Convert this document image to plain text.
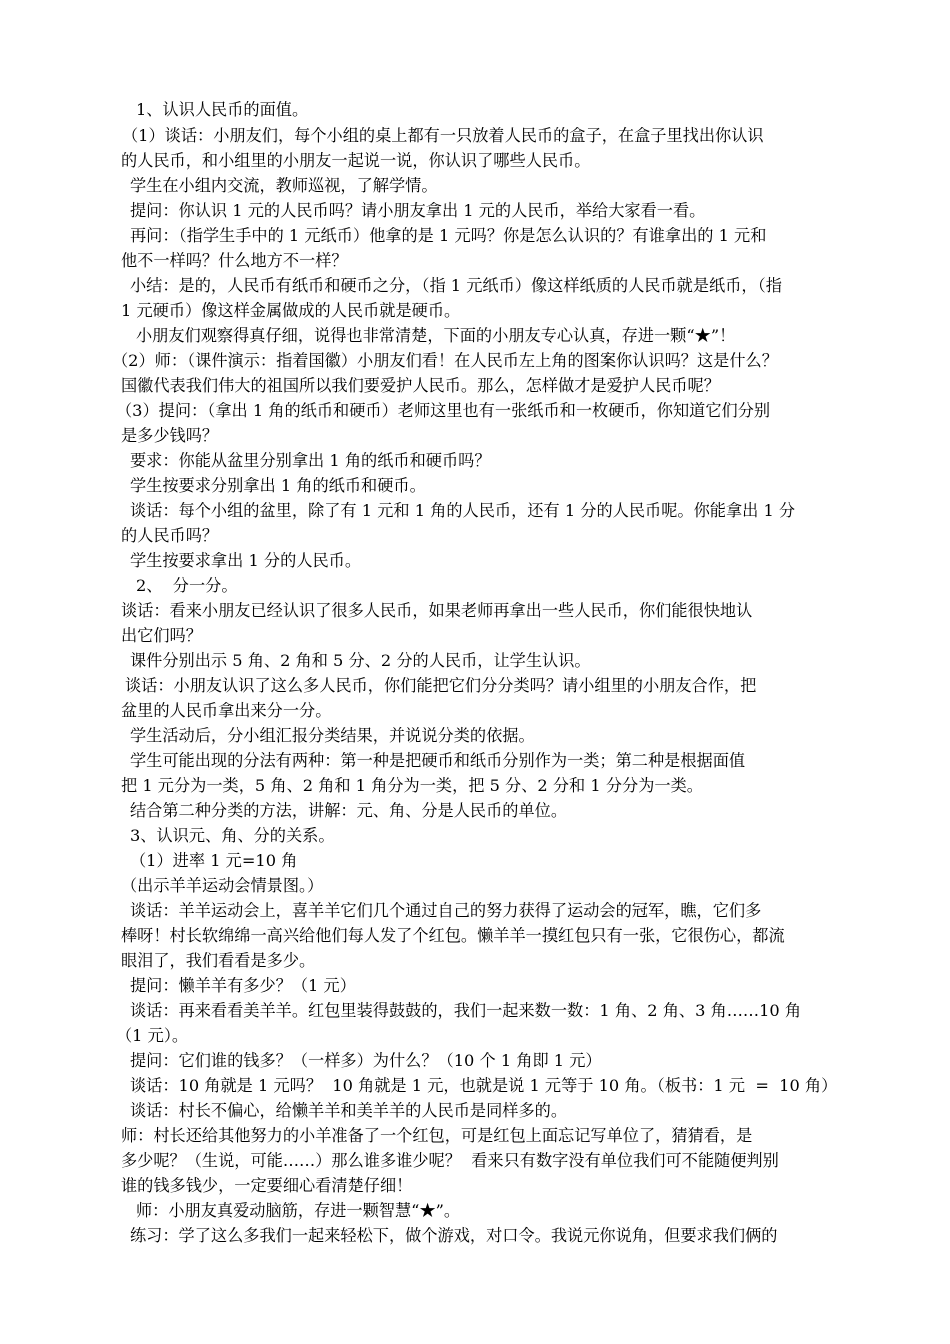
1、认识人民币的面值。
（1）谈话：小朋友们，每个小组的桌上都有一只放着人民币的盒子，在盒子里找出你认识
的人民币，和小组里的小朋友一起说一说，你认识了哪些人民币。
学生在小组内交流，教师巡视，了解学情。
提问：你认识 1 元的人民币吗？请小朋友拿出 1 元的人民币，举给大家看一看。
再问：（指学生手中的 1 元纸币）他拿的是 1 元吗？你是怎么认识的？有谁拿出的 1 元和
他不一样吗？什么地方不一样？
小结：是的，人民币有纸币和硬币之分，（指 1 元纸币）像这样纸质的人民币就是纸币，（指
1 元硬币）像这样金属做成的人民币就是硬币。
小朋友们观察得真仔细，说得也非常清楚，下面的小朋友专心认真，存进一颗“★”！
（2）师：（课件演示：指着国徽）小朋友们看！在人民币左上角的图案你认识吗？这是什么？
国徽代表我们伟大的祖国所以我们要爱护人民币。那么，怎样做才是爱护人民币呢？
（3）提问：（拿出 1 角的纸币和硬币）老师这里也有一张纸币和一枚硬币，你知道它们分别
是多少钱吗？
要求：你能从盆里分别拿出 1 角的纸币和硬币吗？
学生按要求分别拿出 1 角的纸币和硬币。
谈话：每个小组的盆里，除了有 1 元和 1 角的人民币，还有 1 分的人民币呢。你能拿出 1 分
的人民币吗？
学生按要求拿出 1 分的人民币。
2、  分一分。
谈话：看来小朋友已经认识了很多人民币，如果老师再拿出一些人民币，你们能很快地认
出它们吗？
课件分别出示 5 角、2 角和 5 分、2 分的人民币，让学生认识。
谈话：小朋友认识了这么多人民币，你们能把它们分分类吗？请小组里的小朋友合作，把
盆里的人民币拿出来分一分。
学生活动后，分小组汇报分类结果，并说说分类的依据。
学生可能出现的分法有两种：第一种是把硬币和纸币分别作为一类；第二种是根据面值
把 1 元分为一类，5 角、2 角和 1 角分为一类，把 5 分、2 分和 1 分分为一类。
结合第二种分类的方法，讲解：元、角、分是人民币的单位。
3、认识元、角、分的关系。
（1）进率 1 元=10 角
（出示羊羊运动会情景图。）
谈话：羊羊运动会上，喜羊羊它们几个通过自己的努力获得了运动会的冠军，瞧，它们多
棒呀！村长软绵绵一高兴给他们每人发了个红包。懒羊羊一摸红包只有一张，它很伤心，都流
眼泪了，我们看看是多少。
提问：懒羊羊有多少？（1 元）
谈话：再来看看美羊羊。红包里装得鼓鼓的，我们一起来数一数：1 角、2 角、3 角……10 角
（1 元）。
提问：它们谁的钱多？（一样多）为什么？（10 个 1 角即 1 元）
谈话：10 角就是 1 元吗？  10 角就是 1 元，也就是说 1 元等于 10 角。（板书：1 元  =  10 角）
谈话：村长不偏心，给懒羊羊和美羊羊的人民币是同样多的。
师：村长还给其他努力的小羊准备了一个红包，可是红包上面忘记写单位了，猜猜看，是
多少呢？（生说，可能……）那么谁多谁少呢？  看来只有数字没有单位我们可不能随便判别
谁的钱多钱少，一定要细心看清楚仔细！
师：小朋友真爱动脑筋，存进一颗智慧“★”。
练习：学了这么多我们一起来轻松下，做个游戏，对口令。我说元你说角，但要求我们俩的
